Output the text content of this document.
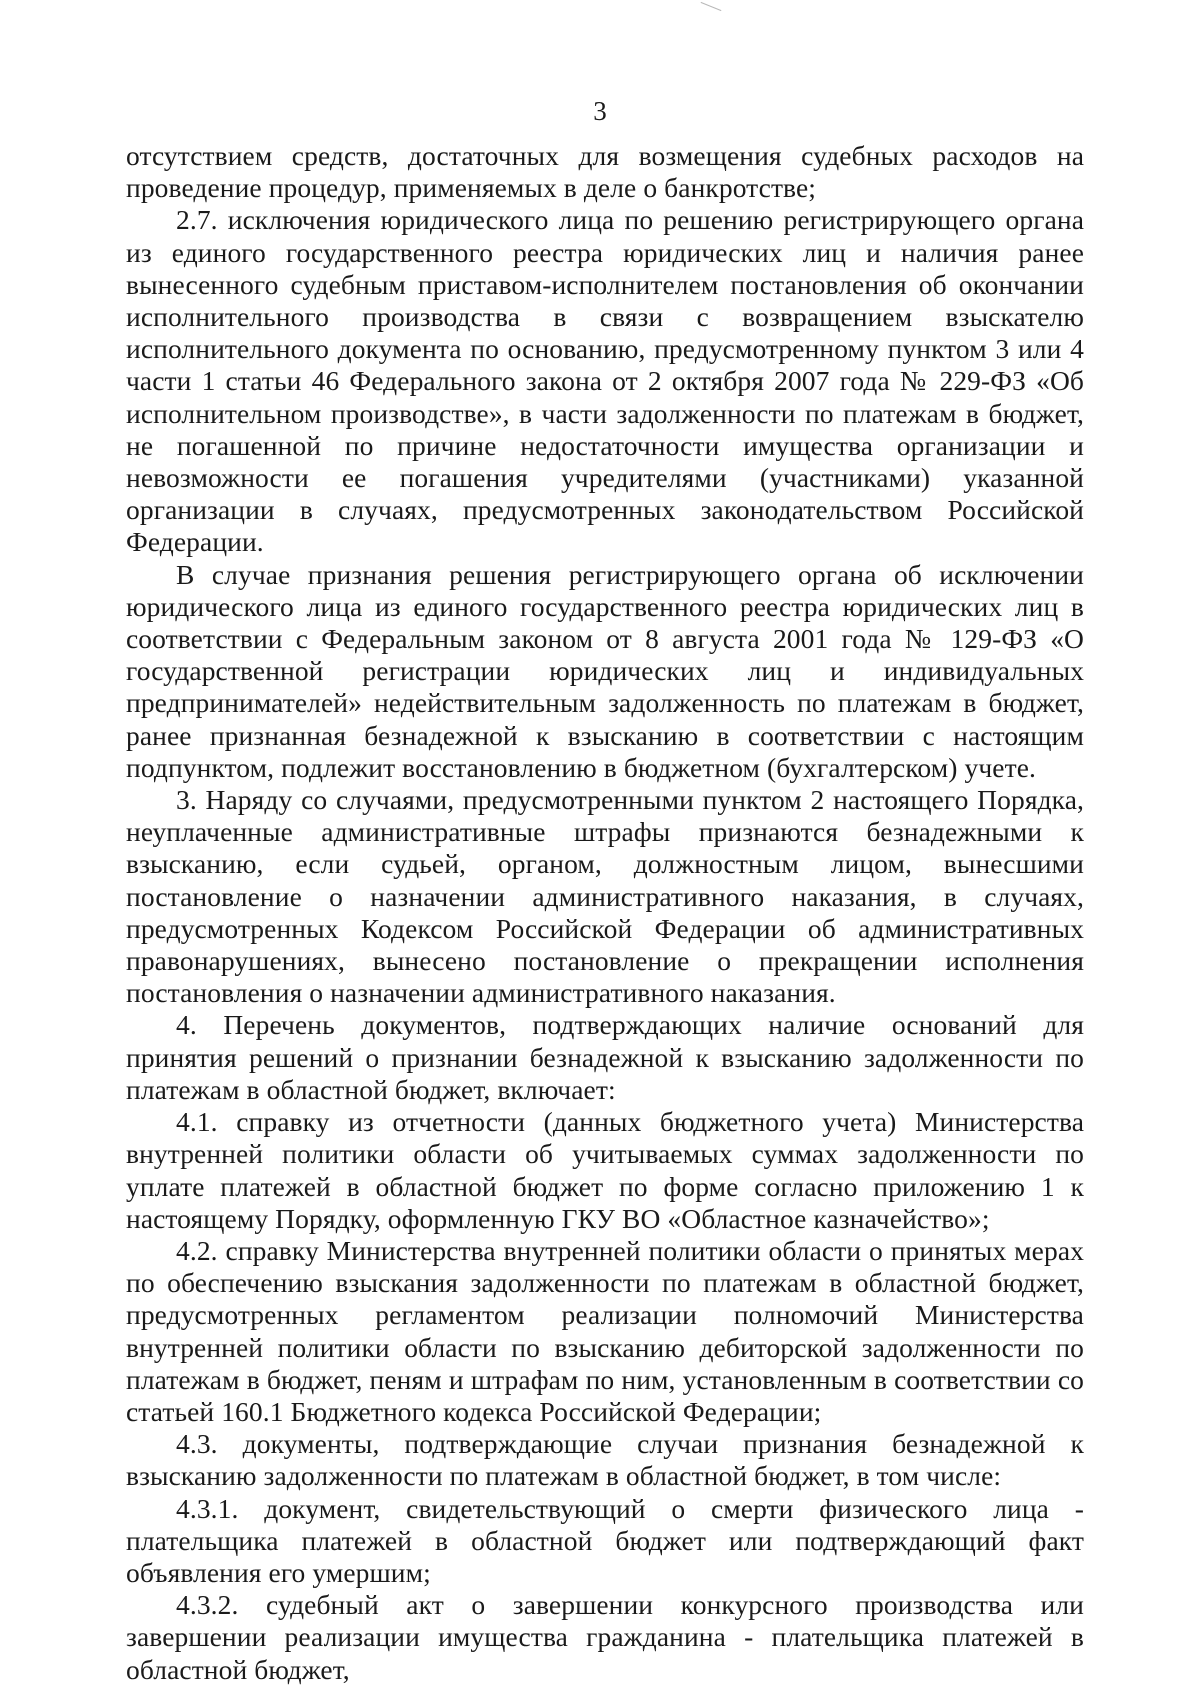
3

отсутствием средств, достаточных для возмещения судебных расходов на проведение процедур, применяемых в деле о банкротстве;

2.7. исключения юридического лица по решению регистрирующего органа из единого государственного реестра юридических лиц и наличия ранее вынесенного судебным приставом-исполнителем постановления об окончании исполнительного производства в связи с возвращением взыскателю исполнительного документа по основанию, предусмотренному пунктом 3 или 4 части 1 статьи 46 Федерального закона от 2 октября 2007 года № 229-ФЗ «Об исполнительном производстве», в части задолженности по платежам в бюджет, не погашенной по причине недостаточности имущества организации и невозможности ее погашения учредителями (участниками) указанной организации в случаях, предусмотренных законодательством Российской Федерации.

В случае признания решения регистрирующего органа об исключении юридического лица из единого государственного реестра юридических лиц в соответствии с Федеральным законом от 8 августа 2001 года № 129-ФЗ «О государственной регистрации юридических лиц и индивидуальных предпринимателей» недействительным задолженность по платежам в бюджет, ранее признанная безнадежной к взысканию в соответствии с настоящим подпунктом, подлежит восстановлению в бюджетном (бухгалтерском) учете.

3. Наряду со случаями, предусмотренными пунктом 2 настоящего Порядка, неуплаченные административные штрафы признаются безнадежными к взысканию, если судьей, органом, должностным лицом, вынесшими постановление о назначении административного наказания, в случаях, предусмотренных Кодексом Российской Федерации об административных правонарушениях, вынесено постановление о прекращении исполнения постановления о назначении административного наказания.

4. Перечень документов, подтверждающих наличие оснований для принятия решений о признании безнадежной к взысканию задолженности по платежам в областной бюджет, включает:

4.1. справку из отчетности (данных бюджетного учета) Министерства внутренней политики области об учитываемых суммах задолженности по уплате платежей в областной бюджет по форме согласно приложению 1 к настоящему Порядку, оформленную ГКУ ВО «Областное казначейство»;

4.2. справку Министерства внутренней политики области о принятых мерах по обеспечению взыскания задолженности по платежам в областной бюджет, предусмотренных регламентом реализации полномочий Министерства внутренней политики области по взысканию дебиторской задолженности по платежам в бюджет, пеням и штрафам по ним, установленным в соответствии со статьей 160.1 Бюджетного кодекса Российской Федерации;

4.3. документы, подтверждающие случаи признания безнадежной к взысканию задолженности по платежам в областной бюджет, в том числе:

4.3.1. документ, свидетельствующий о смерти физического лица - плательщика платежей в областной бюджет или подтверждающий факт объявления его умершим;

4.3.2. судебный акт о завершении конкурсного производства или завершении реализации имущества гражданина - плательщика платежей в областной бюджет,
